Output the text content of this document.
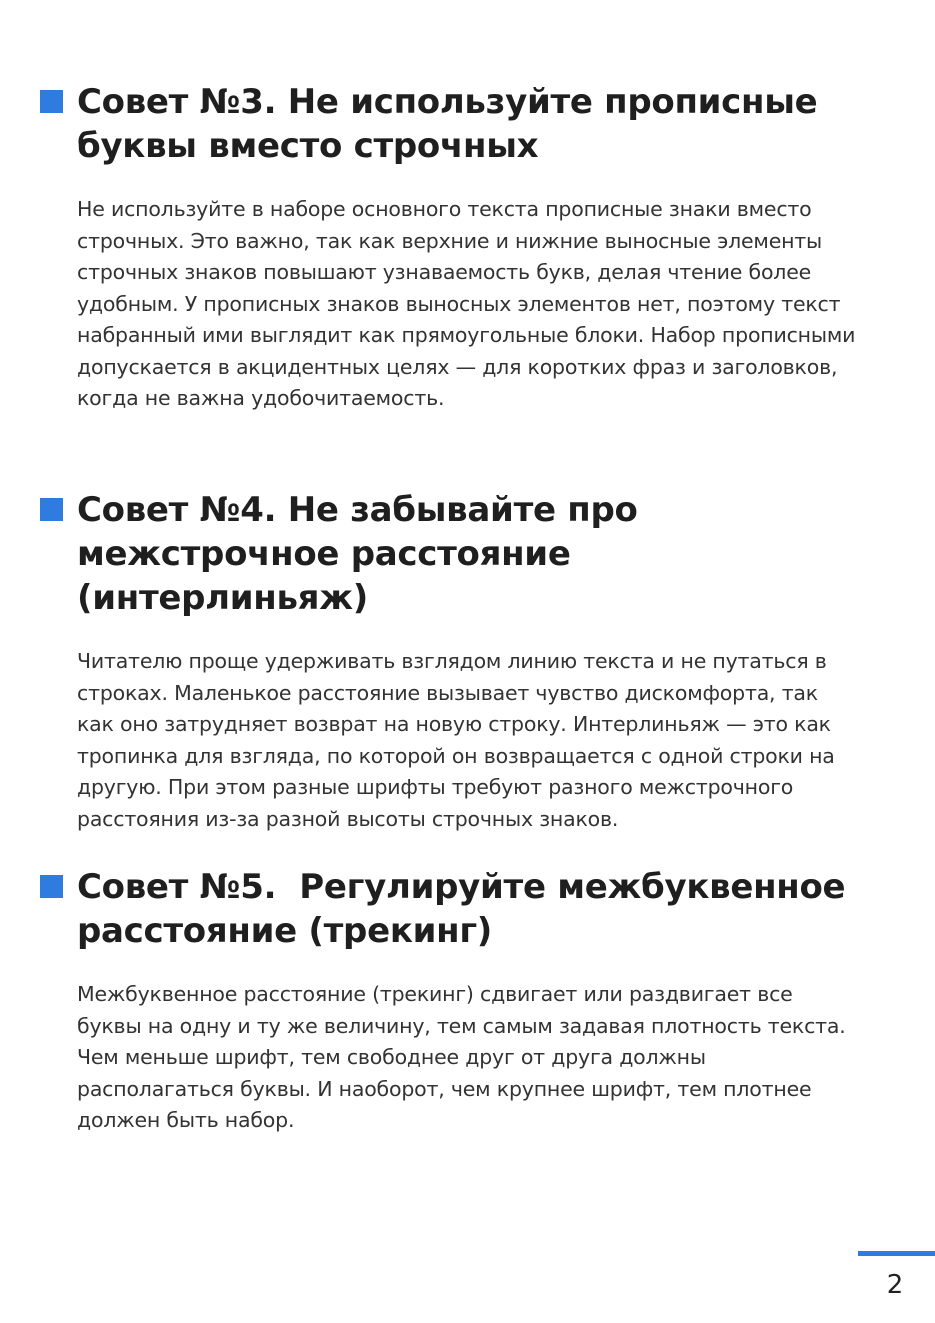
Совет №3. Не используйте прописные буквы вместо строчных

Не используйте в наборе основного текста прописные знаки вместо строчных. Это важно, так как верхние и нижние выносные элементы строчных знаков повышают узнаваемость букв, делая чтение более удобным. У прописных знаков выносных элементов нет, поэтому текст набранный ими выглядит как прямоугольные блоки. Набор прописными допускается в акцидентных целях — для коротких фраз и заголовков, когда не важна удобочитаемость.

Совет №4. Не забывайте про межстрочное расстояние (интерлиньяж)

Читателю проще удерживать взглядом линию текста и не путаться в строках. Маленькое расстояние вызывает чувство дискомфорта, так как оно затрудняет возврат на новую строку. Интерлиньяж — это как тропинка для взгляда, по которой он возвращается с одной строки на другую. При этом разные шрифты требуют разного межстрочного расстояния из-за разной высоты строчных знаков.

Совет №5.  Регулируйте межбуквенное расстояние (трекинг)

Межбуквенное расстояние (трекинг) сдвигает или раздвигает все буквы на одну и ту же величину, тем самым задавая плотность текста. Чем меньше шрифт, тем свободнее друг от друга должны располагаться буквы. И наоборот, чем крупнее шрифт, тем плотнее должен быть набор.

2
